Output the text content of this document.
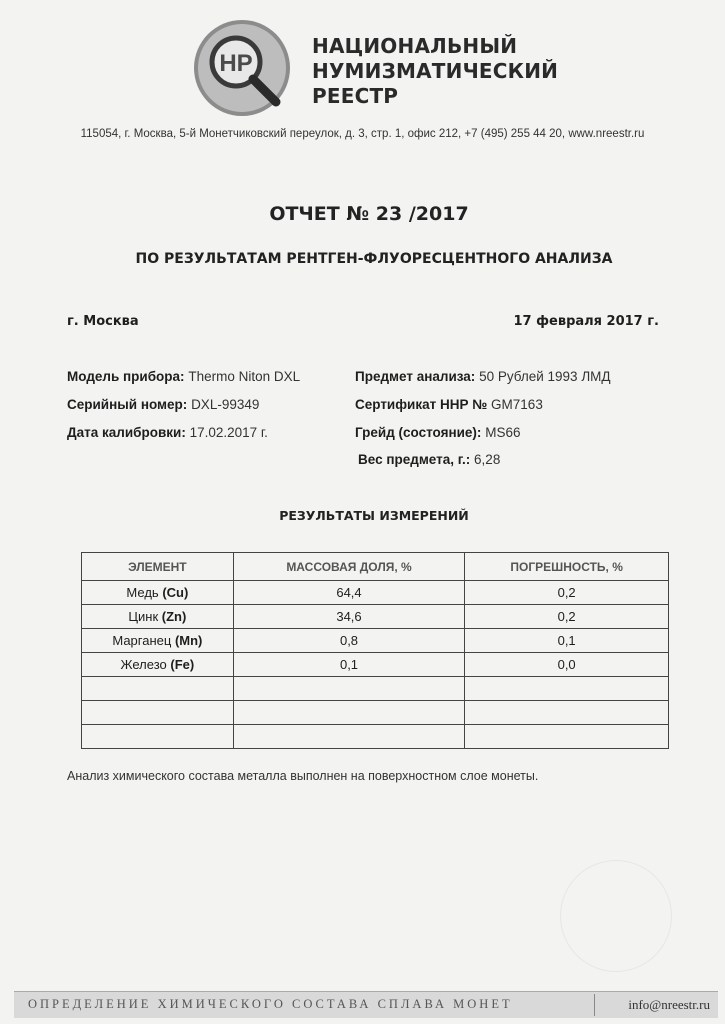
НР
НАЦИОНАЛЬНЫЙ
НУМИЗМАТИЧЕСКИЙ
РЕЕСТР
115054, г. Москва, 5-й Монетчиковский переулок, д. 3, стр. 1, офис 212, +7 (495) 255 44 20, www.nreestr.ru
ОТЧЕТ № 23 /2017
ПО РЕЗУЛЬТАТАМ РЕНТГЕН-ФЛУОРЕСЦЕНТНОГО АНАЛИЗА
г. Москва	17 февраля 2017 г.
Модель прибора: Thermo Niton DXL
Серийный номер: DXL-99349
Дата калибровки: 17.02.2017 г.
Предмет анализа: 50 Рублей 1993 ЛМД
Сертификат ННР № GM7163
Грейд (состояние): MS66
Вес предмета, г.: 6,28
РЕЗУЛЬТАТЫ ИЗМЕРЕНИЙ
ЭЛЕМЕНТ	МАССОВАЯ ДОЛЯ, %	ПОГРЕШНОСТЬ, %
Медь (Cu)	64,4	0,2
Цинк (Zn)	34,6	0,2
Марганец (Mn)	0,8	0,1
Железо (Fe)	0,1	0,0

Анализ химического состава металла выполнен на поверхностном слое монеты.
ОПРЕДЕЛЕНИЕ ХИМИЧЕСКОГО СОСТАВА СПЛАВА МОНЕТ	info@nreestr.ru
